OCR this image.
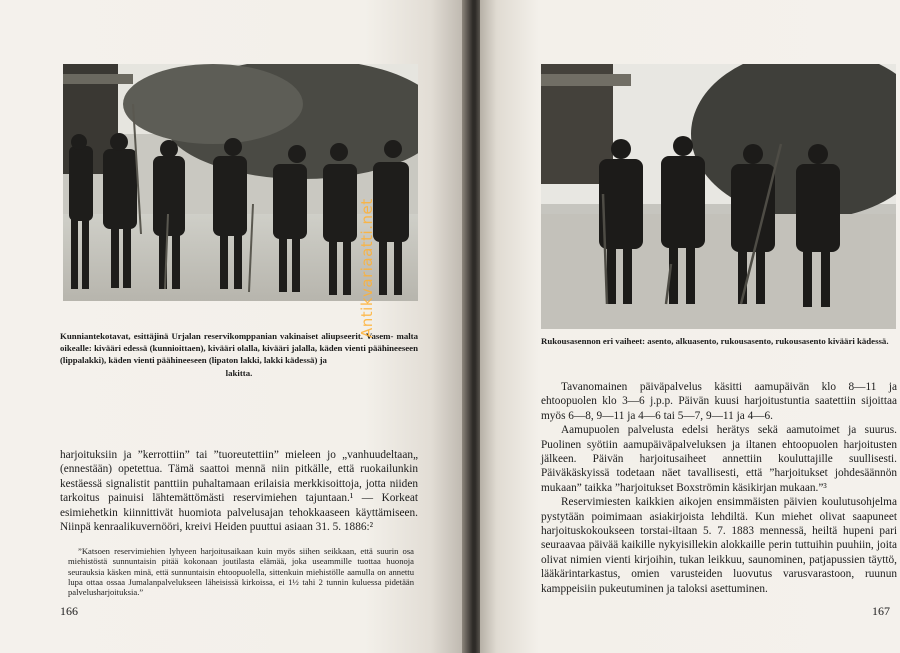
Kunniantekotavat, esittäjinä Urjalan reservikomppanian vakinaiset aliupseerit. Vasem- malta oikealle: kivääri edessä (kunnioittaen), kivääri olalla, kivääri jalalla, käden vienti päähineeseen (lippalakki), käden vienti päähineeseen (lipaton lakki, lakki kädessä) ja
lakitta.

harjoituksiin ja ”kerrottiin” tai ”tuoreutettiin” mieleen jo „vanhuudeltaan„ (ennestään) opetettua. Tämä saattoi mennä niin pitkälle, että ruokailunkin kestäessä signalistit panttiin puhaltamaan erilaisia merkkisoittoja, jotta niiden tarkoitus painuisi lähtemättömästi reservimiehen tajuntaan.¹ — Korkeat esimiehetkin kiinnittivät huomiota palvelusajan tehokkaaseen käyttämiseen. Niinpä kenraalikuvernööri, kreivi Heiden puuttui asiaan 31. 5. 1886:²

”Katsoen reservimiehien lyhyeen harjoitusaikaan kuin myös siihen seikkaan, että suurin osa miehistöstä sunnuntaisin pitää kokonaan joutilasta elämää, joka useammille tuottaa huonoja seurauksia käsken minä, että sunnuntaisin ehtoopuolella, sittenkuin miehistölle aamulla on annettu lupa ottaa ossaa Jumalanpalvelukseen läheisissä kirkoissa, ei 1½ tahi 2 tunnin kuluessa pidetään palvelusharjoituksia.”

166
Rukousasennon eri vaiheet: asento, alkuasento, rukousasento, rukousasento kivääri kädessä.

Tavanomainen päiväpalvelus käsitti aamupäivän klo 8—11 ja ehtoopuolen klo 3—6 j.p.p. Päivän kuusi harjoitustuntia saatettiin sijoittaa myös 6—8, 9—11 ja 4—6 tai 5—7, 9—11 ja 4—6.

Aamupuolen palvelusta edelsi herätys sekä aamutoimet ja suurus. Puolinen syötiin aamupäiväpalveluksen ja iltanen ehtoopuolen harjoitusten jälkeen. Päivän harjoitusaiheet annettiin kouluttajille suullisesti. Päiväkäskyissä todetaan näet tavallisesti, että ”harjoitukset johdesäännön mukaan” taikka ”harjoitukset Boxströmin käsikirjan mukaan.”³

Reservimiesten kaikkien aikojen ensimmäisten päivien koulutusohjelma pystytään poimimaan asiakirjoista lehdiltä. Kun miehet olivat saapuneet harjoituskokoukseen torstai-iltaan 5. 7. 1883 mennessä, heiltä hupeni pari seuraavaa päivää kaikille nykyisillekin alokkaille perin tuttuihin puuhiin, joita olivat nimien vienti kirjoihin, tukan leikkuu, saunominen, patjapussien täyttö, lääkärintarkastus, omien varusteiden luovutus varusvarastoon, ruunun kamppeisiin pukeutuminen ja taloksi asettuminen.

167
Antikvariaatti.net
